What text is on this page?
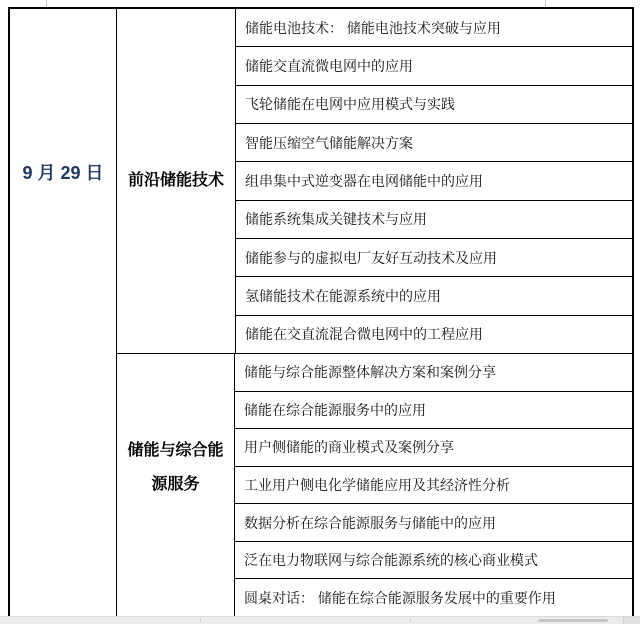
9 月 29 日	前沿储能技术
储能电池技术： 储能电池技术突破与应用
储能交直流微电网中的应用
飞轮储能在电网中应用模式与实践
智能压缩空气储能解决方案
组串集中式逆变器在电网储能中的应用
储能系统集成关键技术与应用
储能参与的虚拟电厂友好互动技术及应用
氢储能技术在能源系统中的应用
储能在交直流混合微电网中的工程应用
储能与综合能
源服务
储能与综合能源整体解决方案和案例分享
储能在综合能源服务中的应用
用户侧储能的商业模式及案例分享
工业用户侧电化学储能应用及其经济性分析
数据分析在综合能源服务与储能中的应用
泛在电力物联网与综合能源系统的核心商业模式
圆桌对话： 储能在综合能源服务发展中的重要作用
